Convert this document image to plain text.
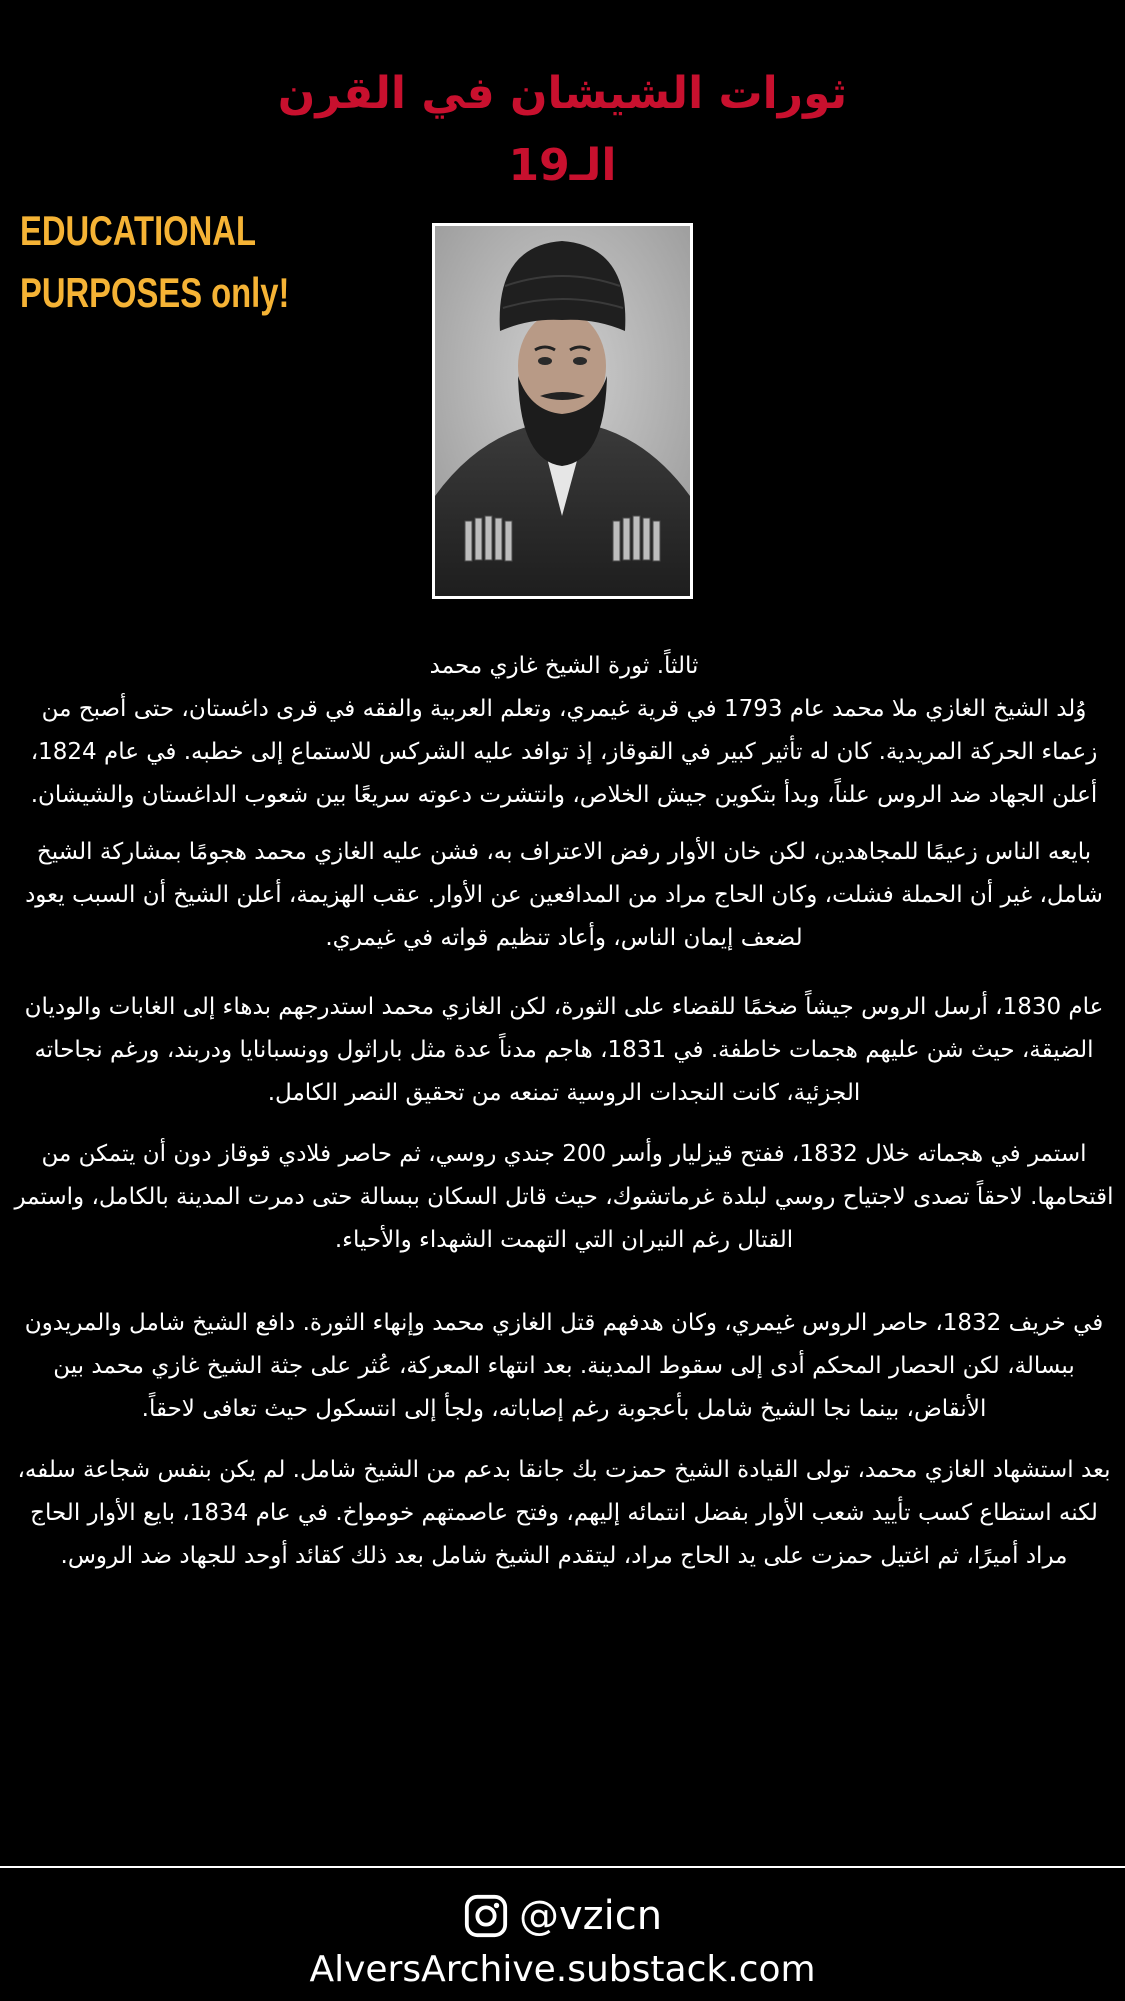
ثورات الشيشان في القرن
الـ19
EDUCATIONAL
PURPOSES only!

ثالثاً. ثورة الشيخ غازي محمد

وُلد الشيخ الغازي ملا محمد عام 1793 في قرية غيمري، وتعلم العربية والفقه في قرى داغستان، حتى أصبح من زعماء الحركة المريدية. كان له تأثير كبير في القوقاز، إذ توافد عليه الشركس للاستماع إلى خطبه. في عام 1824، أعلن الجهاد ضد الروس علناً، وبدأ بتكوين جيش الخلاص، وانتشرت دعوته سريعًا بين شعوب الداغستان والشيشان.

بايعه الناس زعيمًا للمجاهدين، لكن خان الأوار رفض الاعتراف به، فشن عليه الغازي محمد هجومًا بمشاركة الشيخ شامل، غير أن الحملة فشلت، وكان الحاج مراد من المدافعين عن الأوار. عقب الهزيمة، أعلن الشيخ أن السبب يعود لضعف إيمان الناس، وأعاد تنظيم قواته في غيمري.

عام 1830، أرسل الروس جيشاً ضخمًا للقضاء على الثورة، لكن الغازي محمد استدرجهم بدهاء إلى الغابات والوديان الضيقة، حيث شن عليهم هجمات خاطفة. في 1831، هاجم مدناً عدة مثل باراثول وونسبانايا ودربند، ورغم نجاحاته الجزئية، كانت النجدات الروسية تمنعه من تحقيق النصر الكامل.

استمر في هجماته خلال 1832، ففتح قيزليار وأسر 200 جندي روسي، ثم حاصر فلادي قوقاز دون أن يتمكن من اقتحامها. لاحقاً تصدى لاجتياح روسي لبلدة غرماتشوك، حيث قاتل السكان ببسالة حتى دمرت المدينة بالكامل، واستمر القتال رغم النيران التي التهمت الشهداء والأحياء.

في خريف 1832، حاصر الروس غيمري، وكان هدفهم قتل الغازي محمد وإنهاء الثورة. دافع الشيخ شامل والمريدون ببسالة، لكن الحصار المحكم أدى إلى سقوط المدينة. بعد انتهاء المعركة، عُثر على جثة الشيخ غازي محمد بين الأنقاض، بينما نجا الشيخ شامل بأعجوبة رغم إصاباته، ولجأ إلى انتسكول حيث تعافى لاحقاً.

بعد استشهاد الغازي محمد، تولى القيادة الشيخ حمزت بك جانقا بدعم من الشيخ شامل. لم يكن بنفس شجاعة سلفه، لكنه استطاع كسب تأييد شعب الأوار بفضل انتمائه إليهم، وفتح عاصمتهم خومواخ. في عام 1834، بايع الأوار الحاج مراد أميرًا، ثم اغتيل حمزت على يد الحاج مراد، ليتقدم الشيخ شامل بعد ذلك كقائد أوحد للجهاد ضد الروس.

@vzicn
AlversArchive.substack.com
